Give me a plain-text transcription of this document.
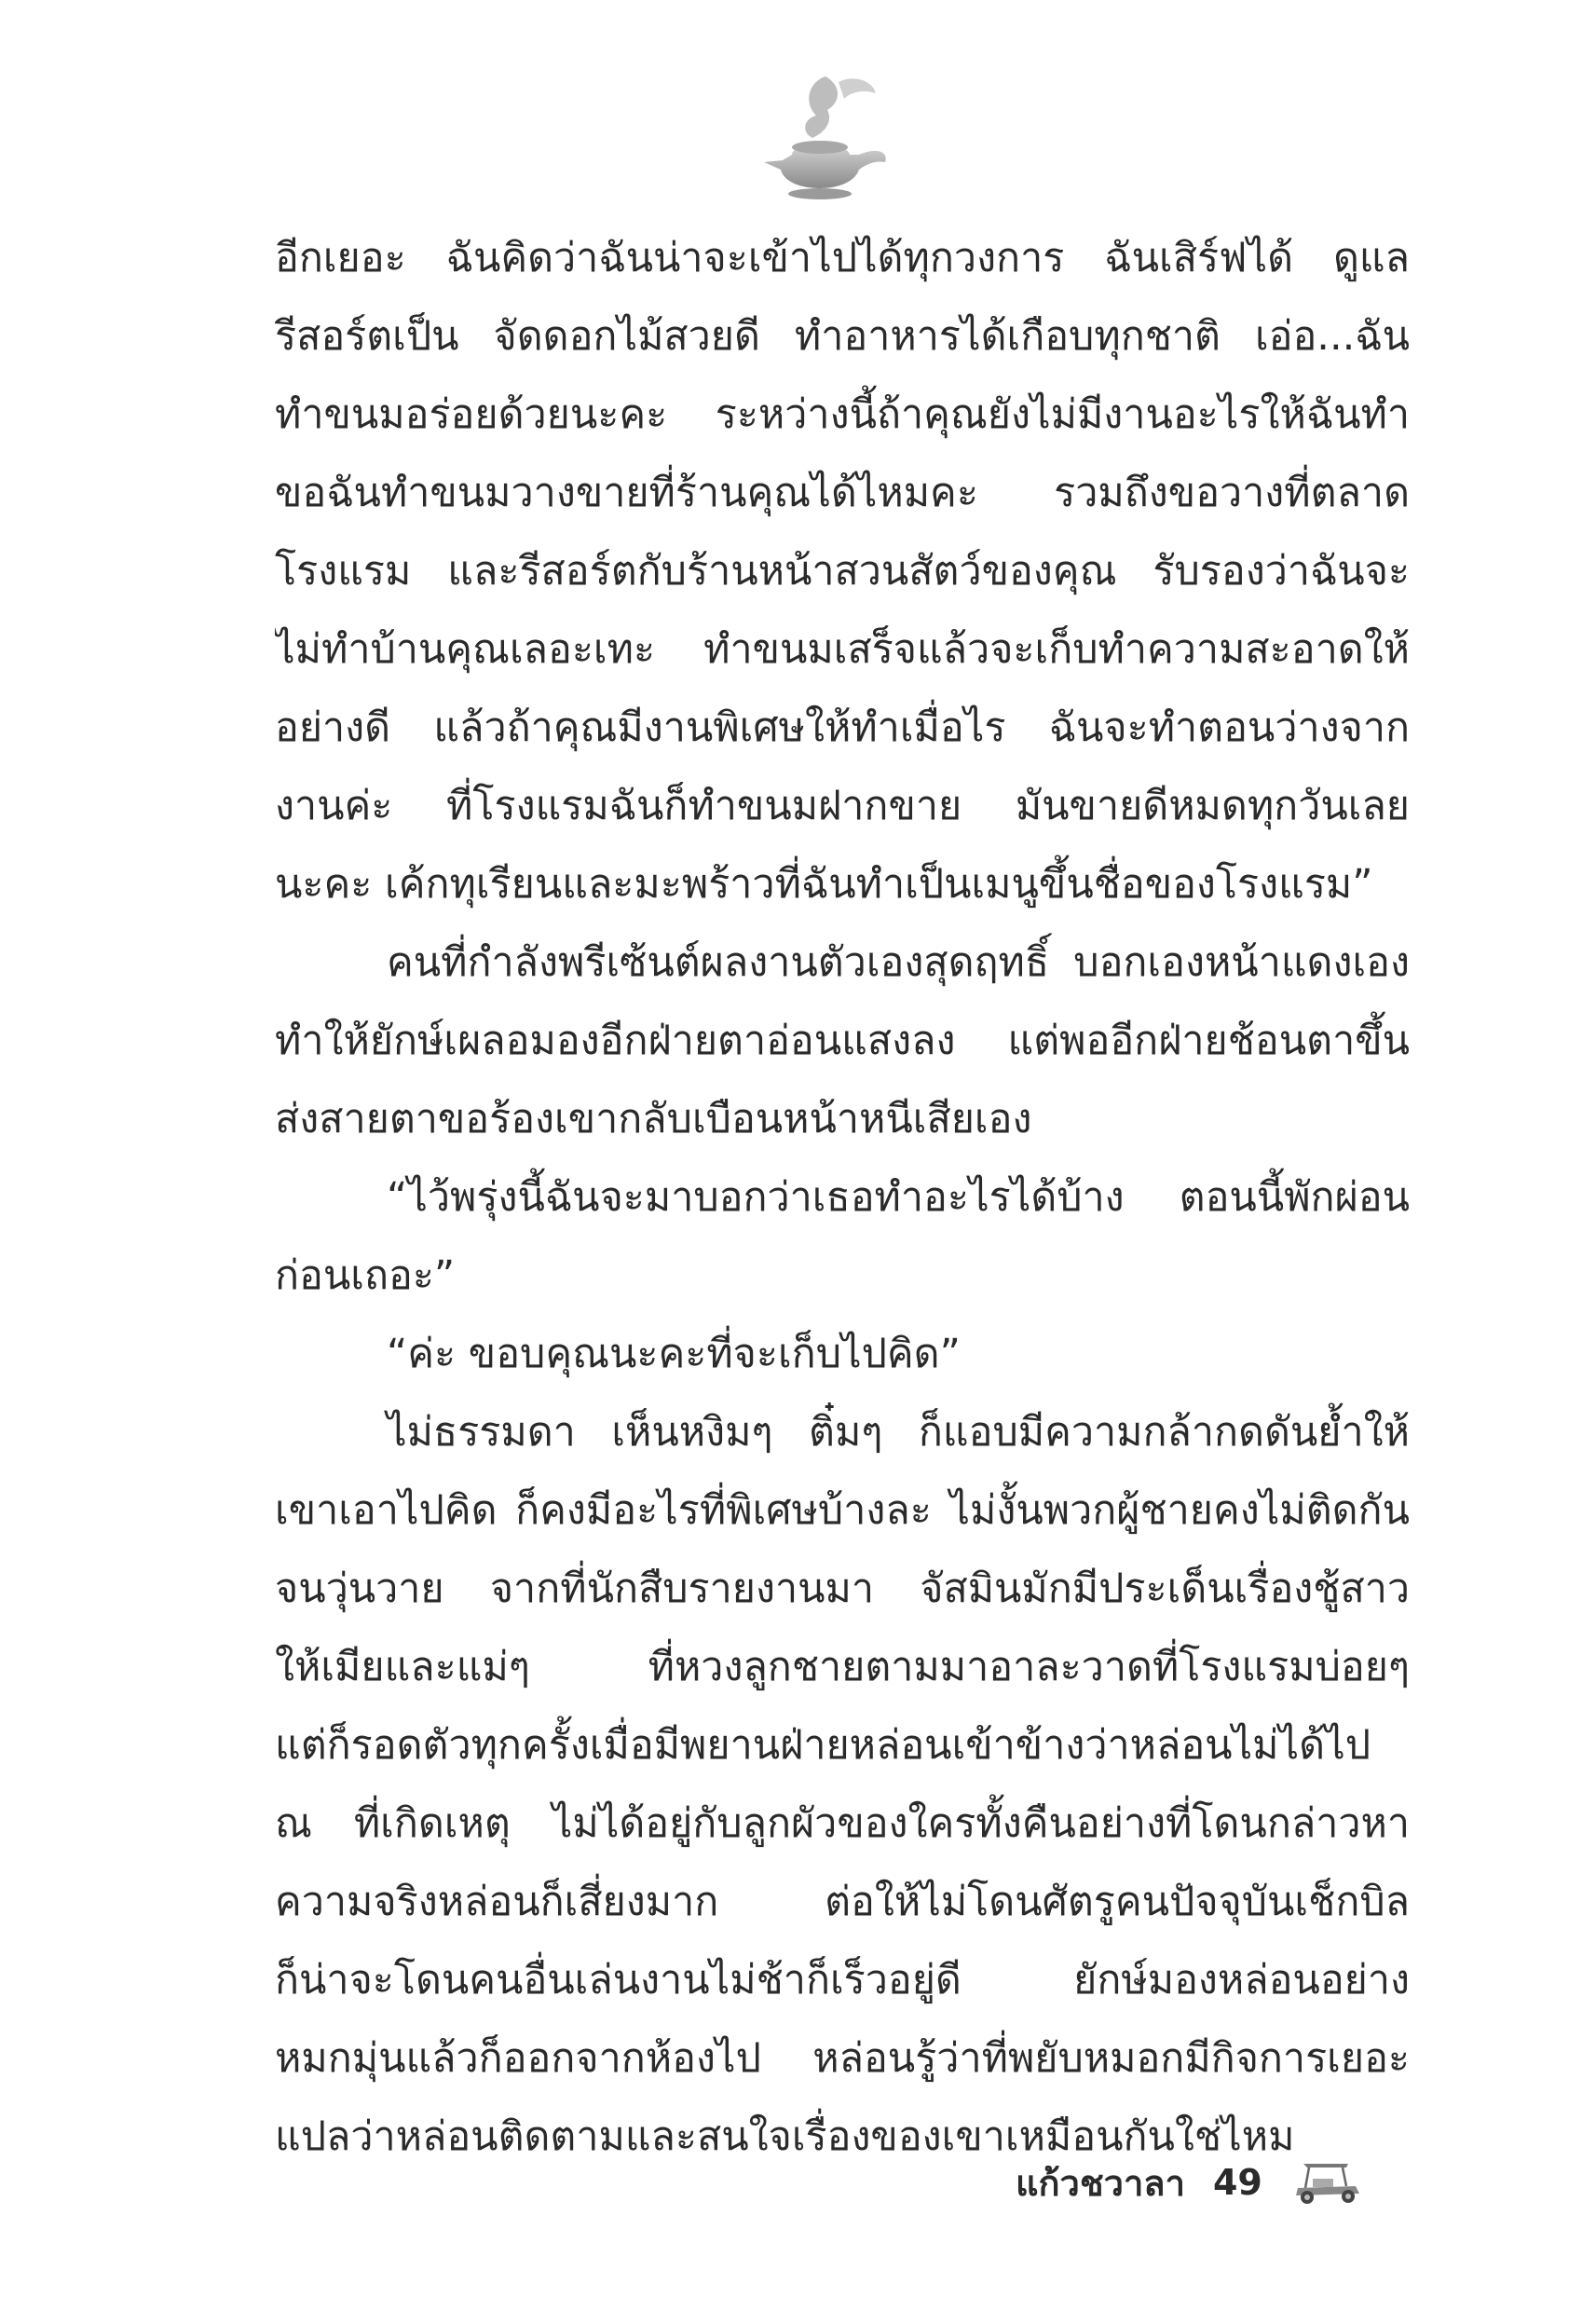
อีกเยอะ ฉันคิดว่าฉันน่าจะเข้าไปได้ทุกวงการ ฉันเสิร์ฟได้ ดูแล
รีสอร์ตเป็น จัดดอกไม้สวยดี ทำอาหารได้เกือบทุกชาติ เอ่อ...ฉัน
ทำขนมอร่อยด้วยนะคะ ระหว่างนี้ถ้าคุณยังไม่มีงานอะไรให้ฉันทำ
ขอฉันทำขนมวางขายที่ร้านคุณได้ไหมคะ รวมถึงขอวางที่ตลาด
โรงแรม และรีสอร์ตกับร้านหน้าสวนสัตว์ของคุณ รับรองว่าฉันจะ
ไม่ทำบ้านคุณเลอะเทะ ทำขนมเสร็จแล้วจะเก็บทำความสะอาดให้
อย่างดี แล้วถ้าคุณมีงานพิเศษให้ทำเมื่อไร ฉันจะทำตอนว่างจาก
งานค่ะ ที่โรงแรมฉันก็ทำขนมฝากขาย มันขายดีหมดทุกวันเลย
นะคะ เค้กทุเรียนและมะพร้าวที่ฉันทำเป็นเมนูขึ้นชื่อของโรงแรม”
คนที่กำลังพรีเซ้นต์ผลงานตัวเองสุดฤทธิ์ บอกเองหน้าแดงเอง
ทำให้ยักษ์เผลอมองอีกฝ่ายตาอ่อนแสงลง แต่พออีกฝ่ายช้อนตาขึ้น
ส่งสายตาขอร้องเขากลับเบือนหน้าหนีเสียเอง
“ไว้พรุ่งนี้ฉันจะมาบอกว่าเธอทำอะไรได้บ้าง ตอนนี้พักผ่อน
ก่อนเถอะ”
“ค่ะ ขอบคุณนะคะที่จะเก็บไปคิด”
ไม่ธรรมดา เห็นหงิมๆ ติ๋มๆ ก็แอบมีความกล้ากดดันย้ำให้
เขาเอาไปคิด ก็คงมีอะไรที่พิเศษบ้างละ ไม่งั้นพวกผู้ชายคงไม่ติดกัน
จนวุ่นวาย จากที่นักสืบรายงานมา จัสมินมักมีประเด็นเรื่องชู้สาว
ให้เมียและแม่ๆ ที่หวงลูกชายตามมาอาละวาดที่โรงแรมบ่อยๆ
แต่ก็รอดตัวทุกครั้งเมื่อมีพยานฝ่ายหล่อนเข้าข้างว่าหล่อนไม่ได้ไป
ณ ที่เกิดเหตุ ไม่ได้อยู่กับลูกผัวของใครทั้งคืนอย่างที่โดนกล่าวหา
ความจริงหล่อนก็เสี่ยงมาก ต่อให้ไม่โดนศัตรูคนปัจจุบันเช็กบิล
ก็น่าจะโดนคนอื่นเล่นงานไม่ช้าก็เร็วอยู่ดี ยักษ์มองหล่อนอย่าง
หมกมุ่นแล้วก็ออกจากห้องไป หล่อนรู้ว่าที่พยับหมอกมีกิจการเยอะ
แปลว่าหล่อนติดตามและสนใจเรื่องของเขาเหมือนกันใช่ไหม
แก้วชวาลา 49
